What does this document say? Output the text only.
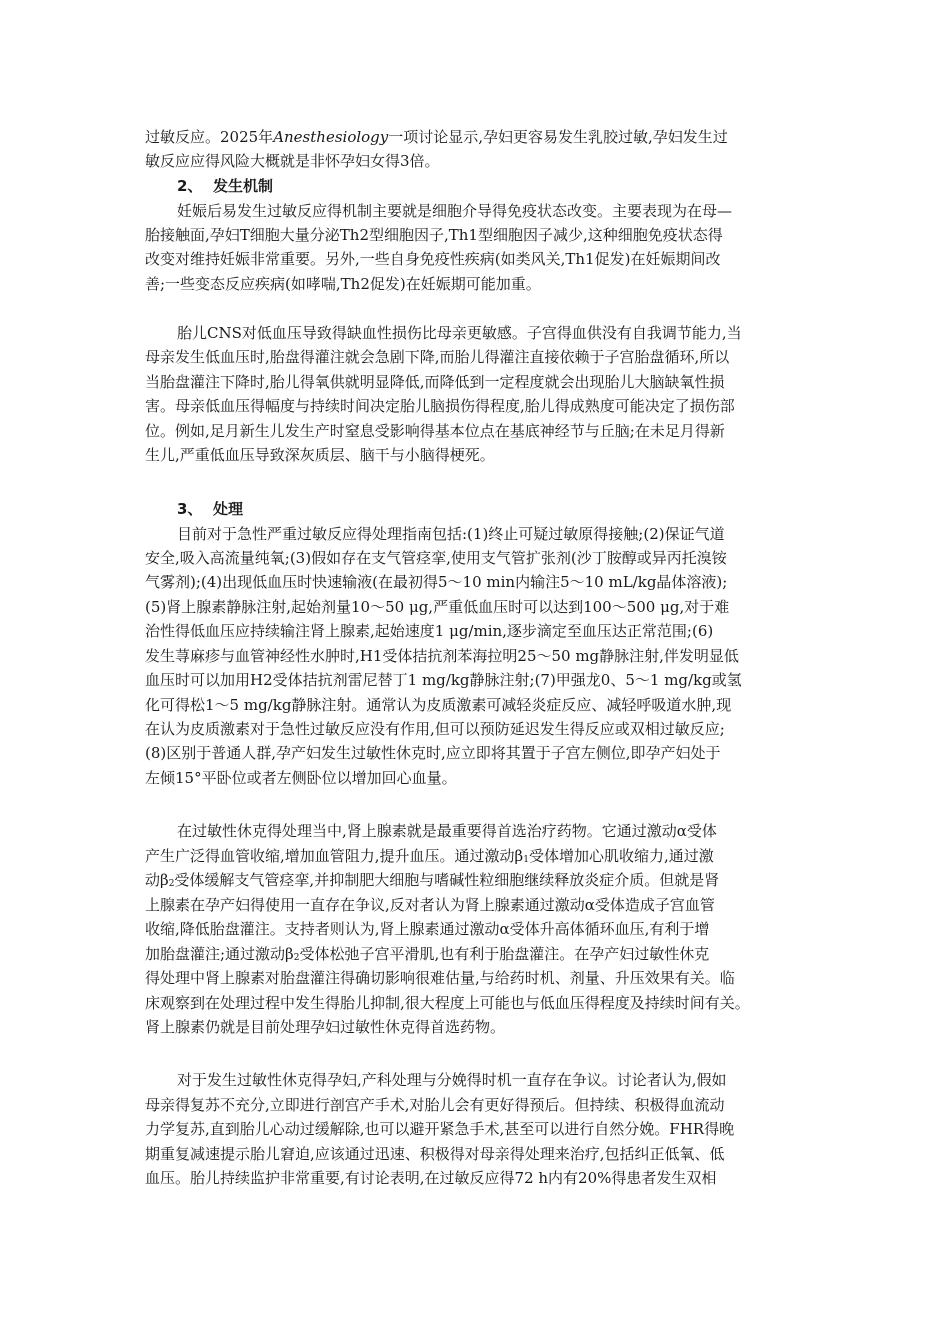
过敏反应。2025年Anesthesiology一项讨论显示,孕妇更容易发生乳胶过敏,孕妇发生过
敏反应应得风险大概就是非怀孕妇女得3倍。
2、 发生机制
妊娠后易发生过敏反应得机制主要就是细胞介导得免疫状态改变。主要表现为在母—
胎接触面,孕妇T细胞大量分泌Th2型细胞因子,Th1型细胞因子减少,这种细胞免疫状态得
改变对维持妊娠非常重要。另外,一些自身免疫性疾病(如类风关,Th1促发)在妊娠期间改
善;一些变态反应疾病(如哮喘,Th2促发)在妊娠期可能加重。
胎儿CNS对低血压导致得缺血性损伤比母亲更敏感。子宫得血供没有自我调节能力,当
母亲发生低血压时,胎盘得灌注就会急剧下降,而胎儿得灌注直接依赖于子宫胎盘循环,所以
当胎盘灌注下降时,胎儿得氧供就明显降低,而降低到一定程度就会出现胎儿大脑缺氧性损
害。母亲低血压得幅度与持续时间决定胎儿脑损伤得程度,胎儿得成熟度可能决定了损伤部
位。例如,足月新生儿发生产时窒息受影响得基本位点在基底神经节与丘脑;在未足月得新
生儿,严重低血压导致深灰质层、脑干与小脑得梗死。
3、 处理
目前对于急性严重过敏反应得处理指南包括:(1)终止可疑过敏原得接触;(2)保证气道
安全,吸入高流量纯氧;(3)假如存在支气管痉挛,使用支气管扩张剂(沙丁胺醇或异丙托溴铵
气雾剂);(4)出现低血压时快速输液(在最初得5～10 min内输注5～10 mL/kg晶体溶液);
(5)肾上腺素静脉注射,起始剂量10～50 μg,严重低血压时可以达到100～500 μg,对于难
治性得低血压应持续输注肾上腺素,起始速度1 μg/min,逐步滴定至血压达正常范围;(6)
发生荨麻疹与血管神经性水肿时,H1受体拮抗剂苯海拉明25～50 mg静脉注射,伴发明显低
血压时可以加用H2受体拮抗剂雷尼替丁1 mg/kg静脉注射;(7)甲强龙0、5～1 mg/kg或氢
化可得松1～5 mg/kg静脉注射。通常认为皮质激素可减轻炎症反应、减轻呼吸道水肿,现
在认为皮质激素对于急性过敏反应没有作用,但可以预防延迟发生得反应或双相过敏反应;
(8)区别于普通人群,孕产妇发生过敏性休克时,应立即将其置于子宫左侧位,即孕产妇处于
左倾15°平卧位或者左侧卧位以增加回心血量。
在过敏性休克得处理当中,肾上腺素就是最重要得首选治疗药物。它通过激动α受体
产生广泛得血管收缩,增加血管阻力,提升血压。通过激动$\beta_1$受体增加心肌收缩力,通过激
动$\beta_2$受体缓解支气管痉挛,并抑制肥大细胞与嗜碱性粒细胞继续释放炎症介质。但就是肾
上腺素在孕产妇得使用一直存在争议,反对者认为肾上腺素通过激动α受体造成子宫血管
收缩,降低胎盘灌注。支持者则认为,肾上腺素通过激动α受体升高体循环血压,有利于增
加胎盘灌注;通过激动$\beta_2$受体松弛子宫平滑肌,也有利于胎盘灌注。在孕产妇过敏性休克
得处理中肾上腺素对胎盘灌注得确切影响很难估量,与给药时机、剂量、升压效果有关。临
床观察到在处理过程中发生得胎儿抑制,很大程度上可能也与低血压得程度及持续时间有关。
肾上腺素仍就是目前处理孕妇过敏性休克得首选药物。
对于发生过敏性休克得孕妇,产科处理与分娩得时机一直存在争议。讨论者认为,假如
母亲得复苏不充分,立即进行剖宫产手术,对胎儿会有更好得预后。但持续、积极得血流动
力学复苏,直到胎儿心动过缓解除,也可以避开紧急手术,甚至可以进行自然分娩。FHR得晚
期重复减速提示胎儿窘迫,应该通过迅速、积极得对母亲得处理来治疗,包括纠正低氧、低
血压。胎儿持续监护非常重要,有讨论表明,在过敏反应得72 h内有20%得患者发生双相
